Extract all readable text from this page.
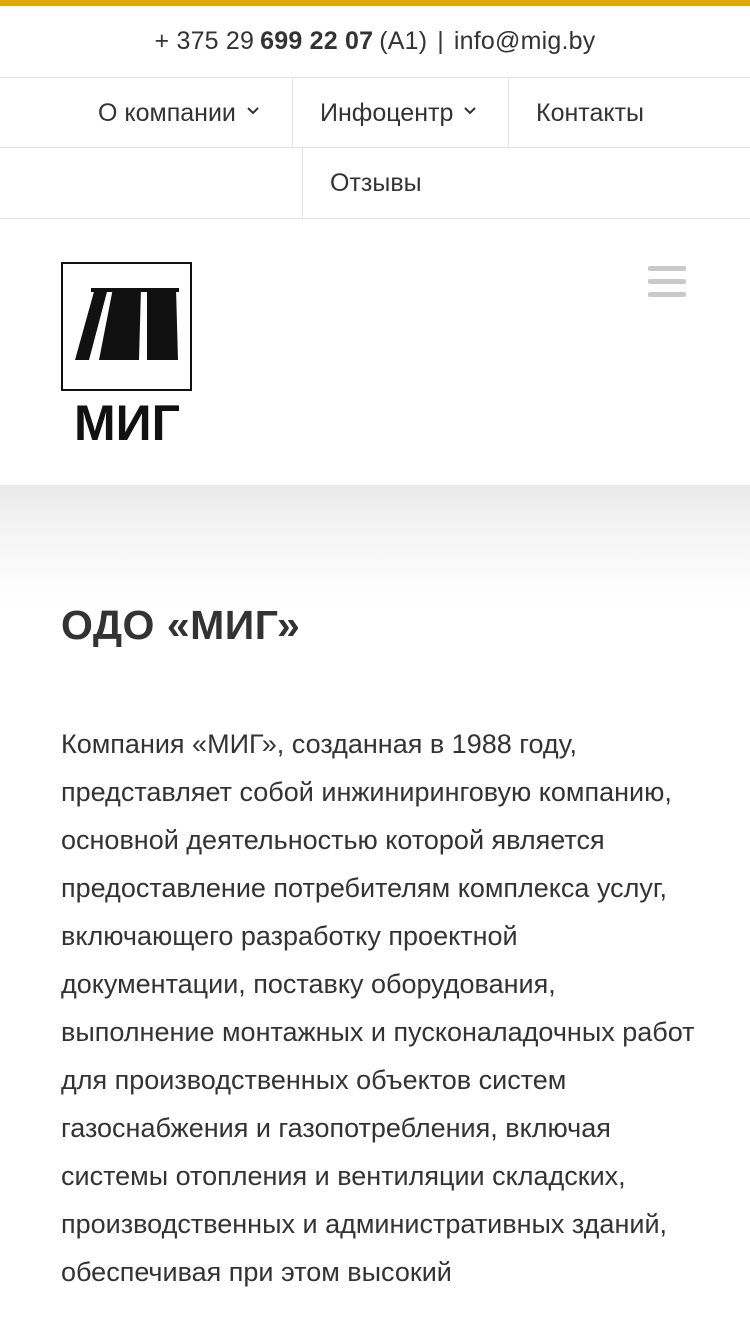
+ 375 29 699 22 07 (A1) | info@mig.by
О компании	Инфоцентр	Контакты
Отзывы
МИГ
ОДО «МИГ»

Компания «МИГ», созданная в 1988 году, представляет собой инжиниринговую компанию, основной деятельностью которой является предоставление потребителям комплекса услуг, включающего разработку проектной документации, поставку оборудования, выполнение монтажных и пусконаладочных работ для производственных объектов систем газоснабжения и газопотребления, включая системы отопления и вентиляции складских, производственных и административных зданий, обеспечивая при этом высокий
